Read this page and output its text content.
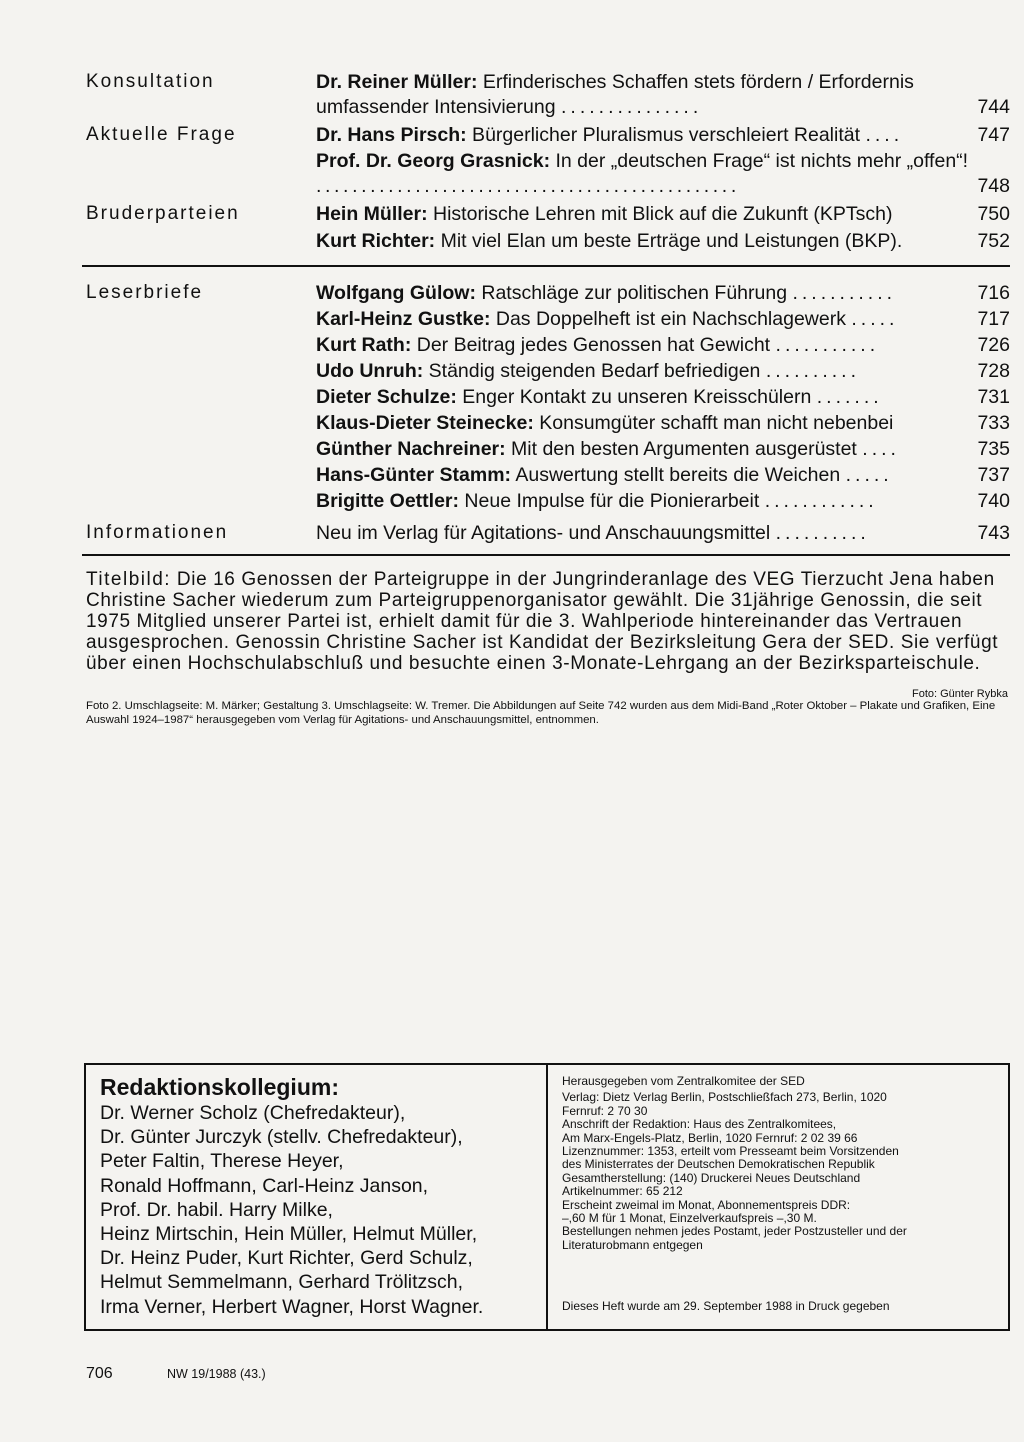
Konsultation	Dr. Reiner Müller: Erfinderisches Schaffen stets fördern / Erfordernis umfassender Intensivierung ...............	744
Aktuelle Frage	Dr. Hans Pirsch: Bürgerlicher Pluralismus verschleiert Realität ....	747
Prof. Dr. Georg Grasnick: In der „deutschen Frage“ ist nichts mehr „offen“! ...............................................	748
Bruderparteien	Hein Müller: Historische Lehren mit Blick auf die Zukunft (KPTsch)	750
Kurt Richter: Mit viel Elan um beste Erträge und Leistungen (BKP).	752
Leserbriefe	Wolfgang Gülow: Ratschläge zur politischen Führung ...........	716
Karl-Heinz Gustke: Das Doppelheft ist ein Nachschlagewerk .....	717
Kurt Rath: Der Beitrag jedes Genossen hat Gewicht ...........	726
Udo Unruh: Ständig steigenden Bedarf befriedigen ..........	728
Dieter Schulze: Enger Kontakt zu unseren Kreisschülern .......	731
Klaus-Dieter Steinecke: Konsumgüter schafft man nicht nebenbei	733
Günther Nachreiner: Mit den besten Argumenten ausgerüstet ....	735
Hans-Günter Stamm: Auswertung stellt bereits die Weichen .....	737
Brigitte Oettler: Neue Impulse für die Pionierarbeit ............	740
Informationen	Neu im Verlag für Agitations- und Anschauungsmittel ..........	743
Titelbild: Die 16 Genossen der Parteigruppe in der Jungrinderanlage des VEG Tierzucht Jena haben Christine Sacher wiederum zum Parteigruppenorganisator gewählt. Die 31jährige Genossin, die seit 1975 Mitglied unserer Partei ist, erhielt damit für die 3. Wahlperiode hintereinander das Vertrauen ausgesprochen. Genossin Christine Sacher ist Kandidat der Bezirksleitung Gera der SED. Sie verfügt über einen Hochschulabschluß und besuchte einen 3-Monate-Lehrgang an der Bezirksparteischule.
Foto: Günter Rybka
Foto 2. Umschlagseite: M. Märker; Gestaltung 3. Umschlagseite: W. Tremer. Die Abbildungen auf Seite 742 wurden aus dem Midi-Band „Roter Oktober – Plakate und Grafiken, Eine Auswahl 1924–1987“ herausgegeben vom Verlag für Agitations- und Anschauungsmittel, entnommen.
Redaktionskollegium:
Dr. Werner Scholz (Chefredakteur),
Dr. Günter Jurczyk (stellv. Chefredakteur),
Peter Faltin, Therese Heyer,
Ronald Hoffmann, Carl-Heinz Janson,
Prof. Dr. habil. Harry Milke,
Heinz Mirtschin, Hein Müller, Helmut Müller,
Dr. Heinz Puder, Kurt Richter, Gerd Schulz,
Helmut Semmelmann, Gerhard Trölitzsch,
Irma Verner, Herbert Wagner, Horst Wagner.
Herausgegeben vom Zentralkomitee der SED
Verlag: Dietz Verlag Berlin, Postschließfach 273, Berlin, 1020
Fernruf: 2 70 30
Anschrift der Redaktion: Haus des Zentralkomitees,
Am Marx-Engels-Platz, Berlin, 1020 Fernruf: 2 02 39 66
Lizenznummer: 1353, erteilt vom Presseamt beim Vorsitzenden
des Ministerrates der Deutschen Demokratischen Republik
Gesamtherstellung: (140) Druckerei Neues Deutschland
Artikelnummer: 65 212
Erscheint zweimal im Monat, Abonnementspreis DDR:
–,60 M für 1 Monat, Einzelverkaufspreis –,30 M.
Bestellungen nehmen jedes Postamt, jeder Postzusteller und der
Literaturobmann entgegen
Dieses Heft wurde am 29. September 1988 in Druck gegeben
706	NW 19/1988 (43.)
